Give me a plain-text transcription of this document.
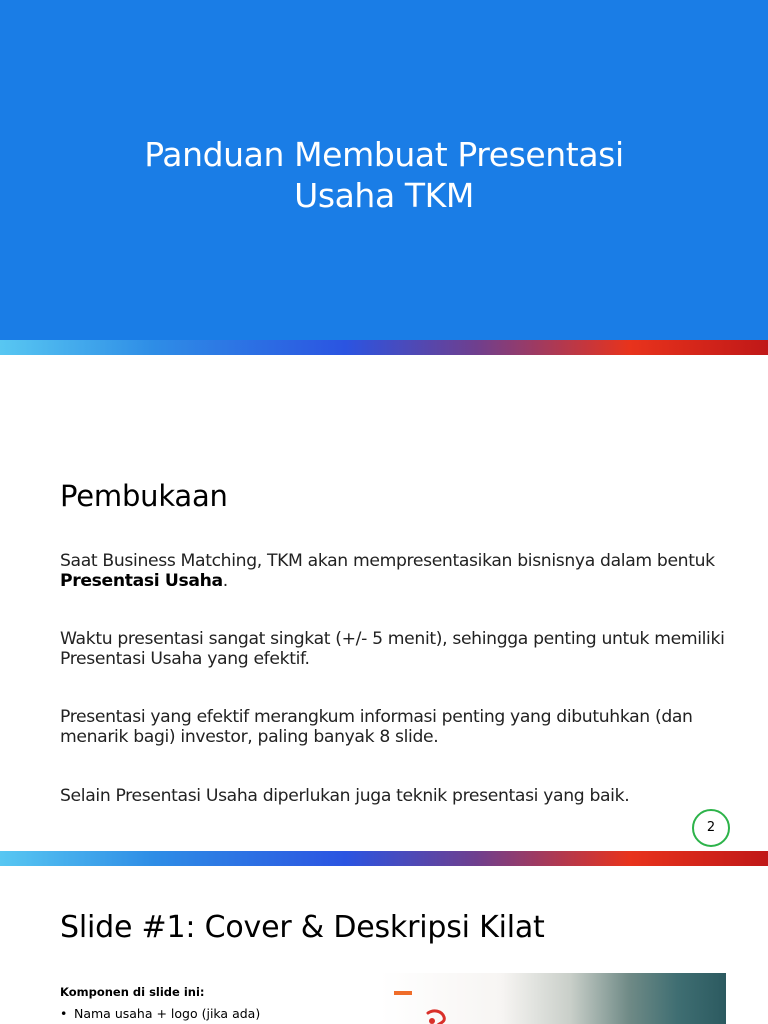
Panduan Membuat Presentasi
Usaha TKM
Pembukaan
Saat Business Matching, TKM akan mempresentasikan bisnisnya dalam bentuk Presentasi Usaha.
Waktu presentasi sangat singkat (+/- 5 menit), sehingga penting untuk memiliki Presentasi Usaha yang efektif.
Presentasi yang efektif merangkum informasi penting yang dibutuhkan (dan menarik bagi) investor, paling banyak 8 slide.
Selain Presentasi Usaha diperlukan juga teknik presentasi yang baik.
2
Slide #1: Cover & Deskripsi Kilat
Komponen di slide ini:
• Nama usaha + logo (jika ada)
